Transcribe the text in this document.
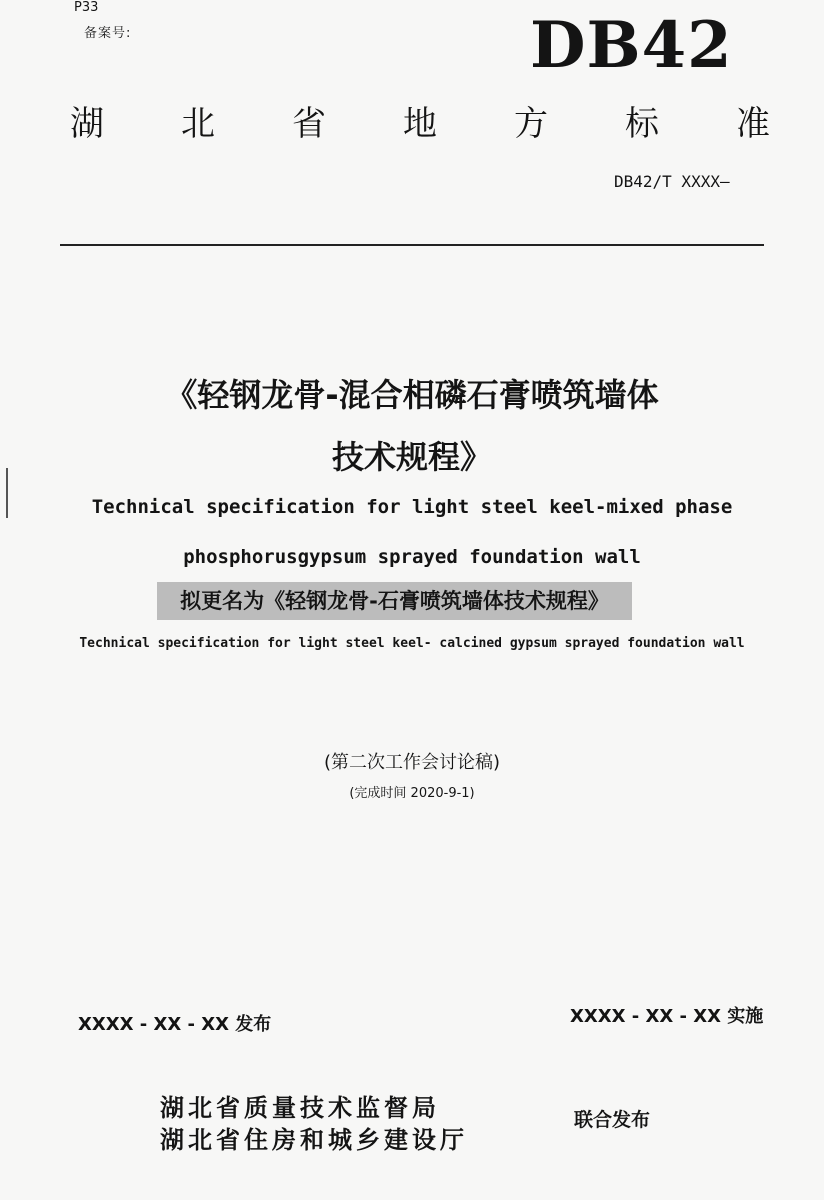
P33
备案号:	DB42
湖 北 省 地 方 标 准
DB42/T XXXX—
《轻钢龙骨-混合相磷石膏喷筑墙体
技术规程》
Technical specification for light steel keel-mixed phase
phosphorusgypsum sprayed foundation wall
拟更名为《轻钢龙骨-石膏喷筑墙体技术规程》
Technical specification for light steel keel- calcined gypsum sprayed foundation wall
(第二次工作会讨论稿)
(完成时间 2020-9-1)
XXXX - XX - XX 发布	XXXX - XX - XX 实施
湖北省质量技术监督局
湖北省住房和城乡建设厅
联合发布
